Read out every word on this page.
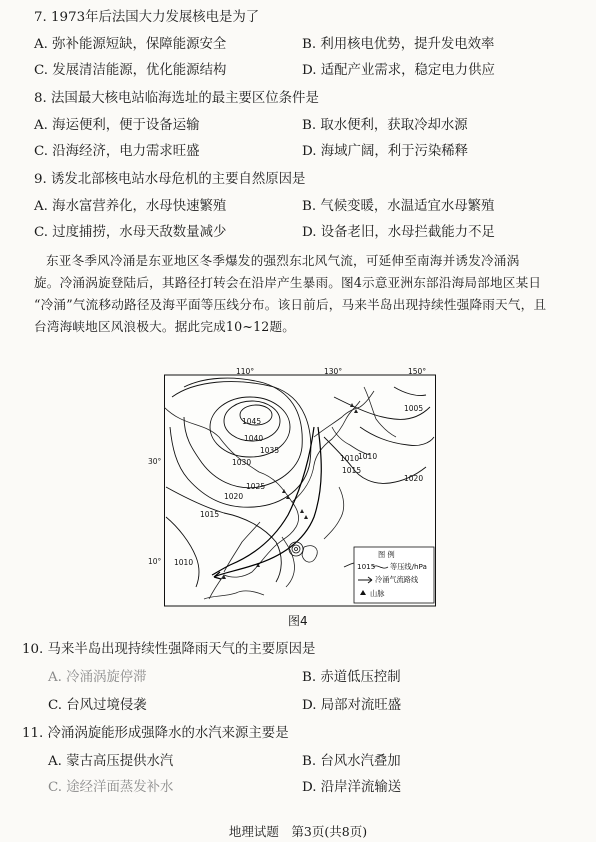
7. 1973年后法国大力发展核电是为了
A. 弥补能源短缺，保障能源安全	B. 利用核电优势，提升发电效率
C. 发展清洁能源，优化能源结构	D. 适配产业需求，稳定电力供应
8. 法国最大核电站临海选址的最主要区位条件是
A. 海运便利，便于设备运输	B. 取水便利，获取冷却水源
C. 沿海经济，电力需求旺盛	D. 海域广阔，利于污染稀释
9. 诱发北部核电站水母危机的主要自然原因是
A. 海水富营养化，水母快速繁殖	B. 气候变暖，水温适宜水母繁殖
C. 过度捕捞，水母天敌数量减少	D. 设备老旧，水母拦截能力不足

东亚冬季风冷涌是东亚地区冬季爆发的强烈东北风气流，可延伸至南海并诱发冷涌涡

旋。冷涌涡旋登陆后，其路径打转会在沿岸产生暴雨。图4示意亚洲东部沿海局部地区某日

“冷涌”气流移动路径及海平面等压线分布。该日前后，马来半岛出现持续性强降雨天气，且

台湾海峡地区风浪极大。据此完成10~12题。

110°	130°	150°
1045
1040
1035
1030
1025
1020
1015
1010
1015
1010
1020
1005
1010
图 例
1015 等压线/hPa
冷涌气流路线
山脉
30°
10°
图4
10. 马来半岛出现持续性强降雨天气的主要原因是
A. 冷涌涡旋停滞	B. 赤道低压控制
C. 台风过境侵袭	D. 局部对流旺盛
11. 冷涌涡旋能形成强降水的水汽来源主要是
A. 蒙古高压提供水汽	B. 台风水汽叠加
C. 途经洋面蒸发补水	D. 沿岸洋流输送
地理试题　第3页(共8页)
